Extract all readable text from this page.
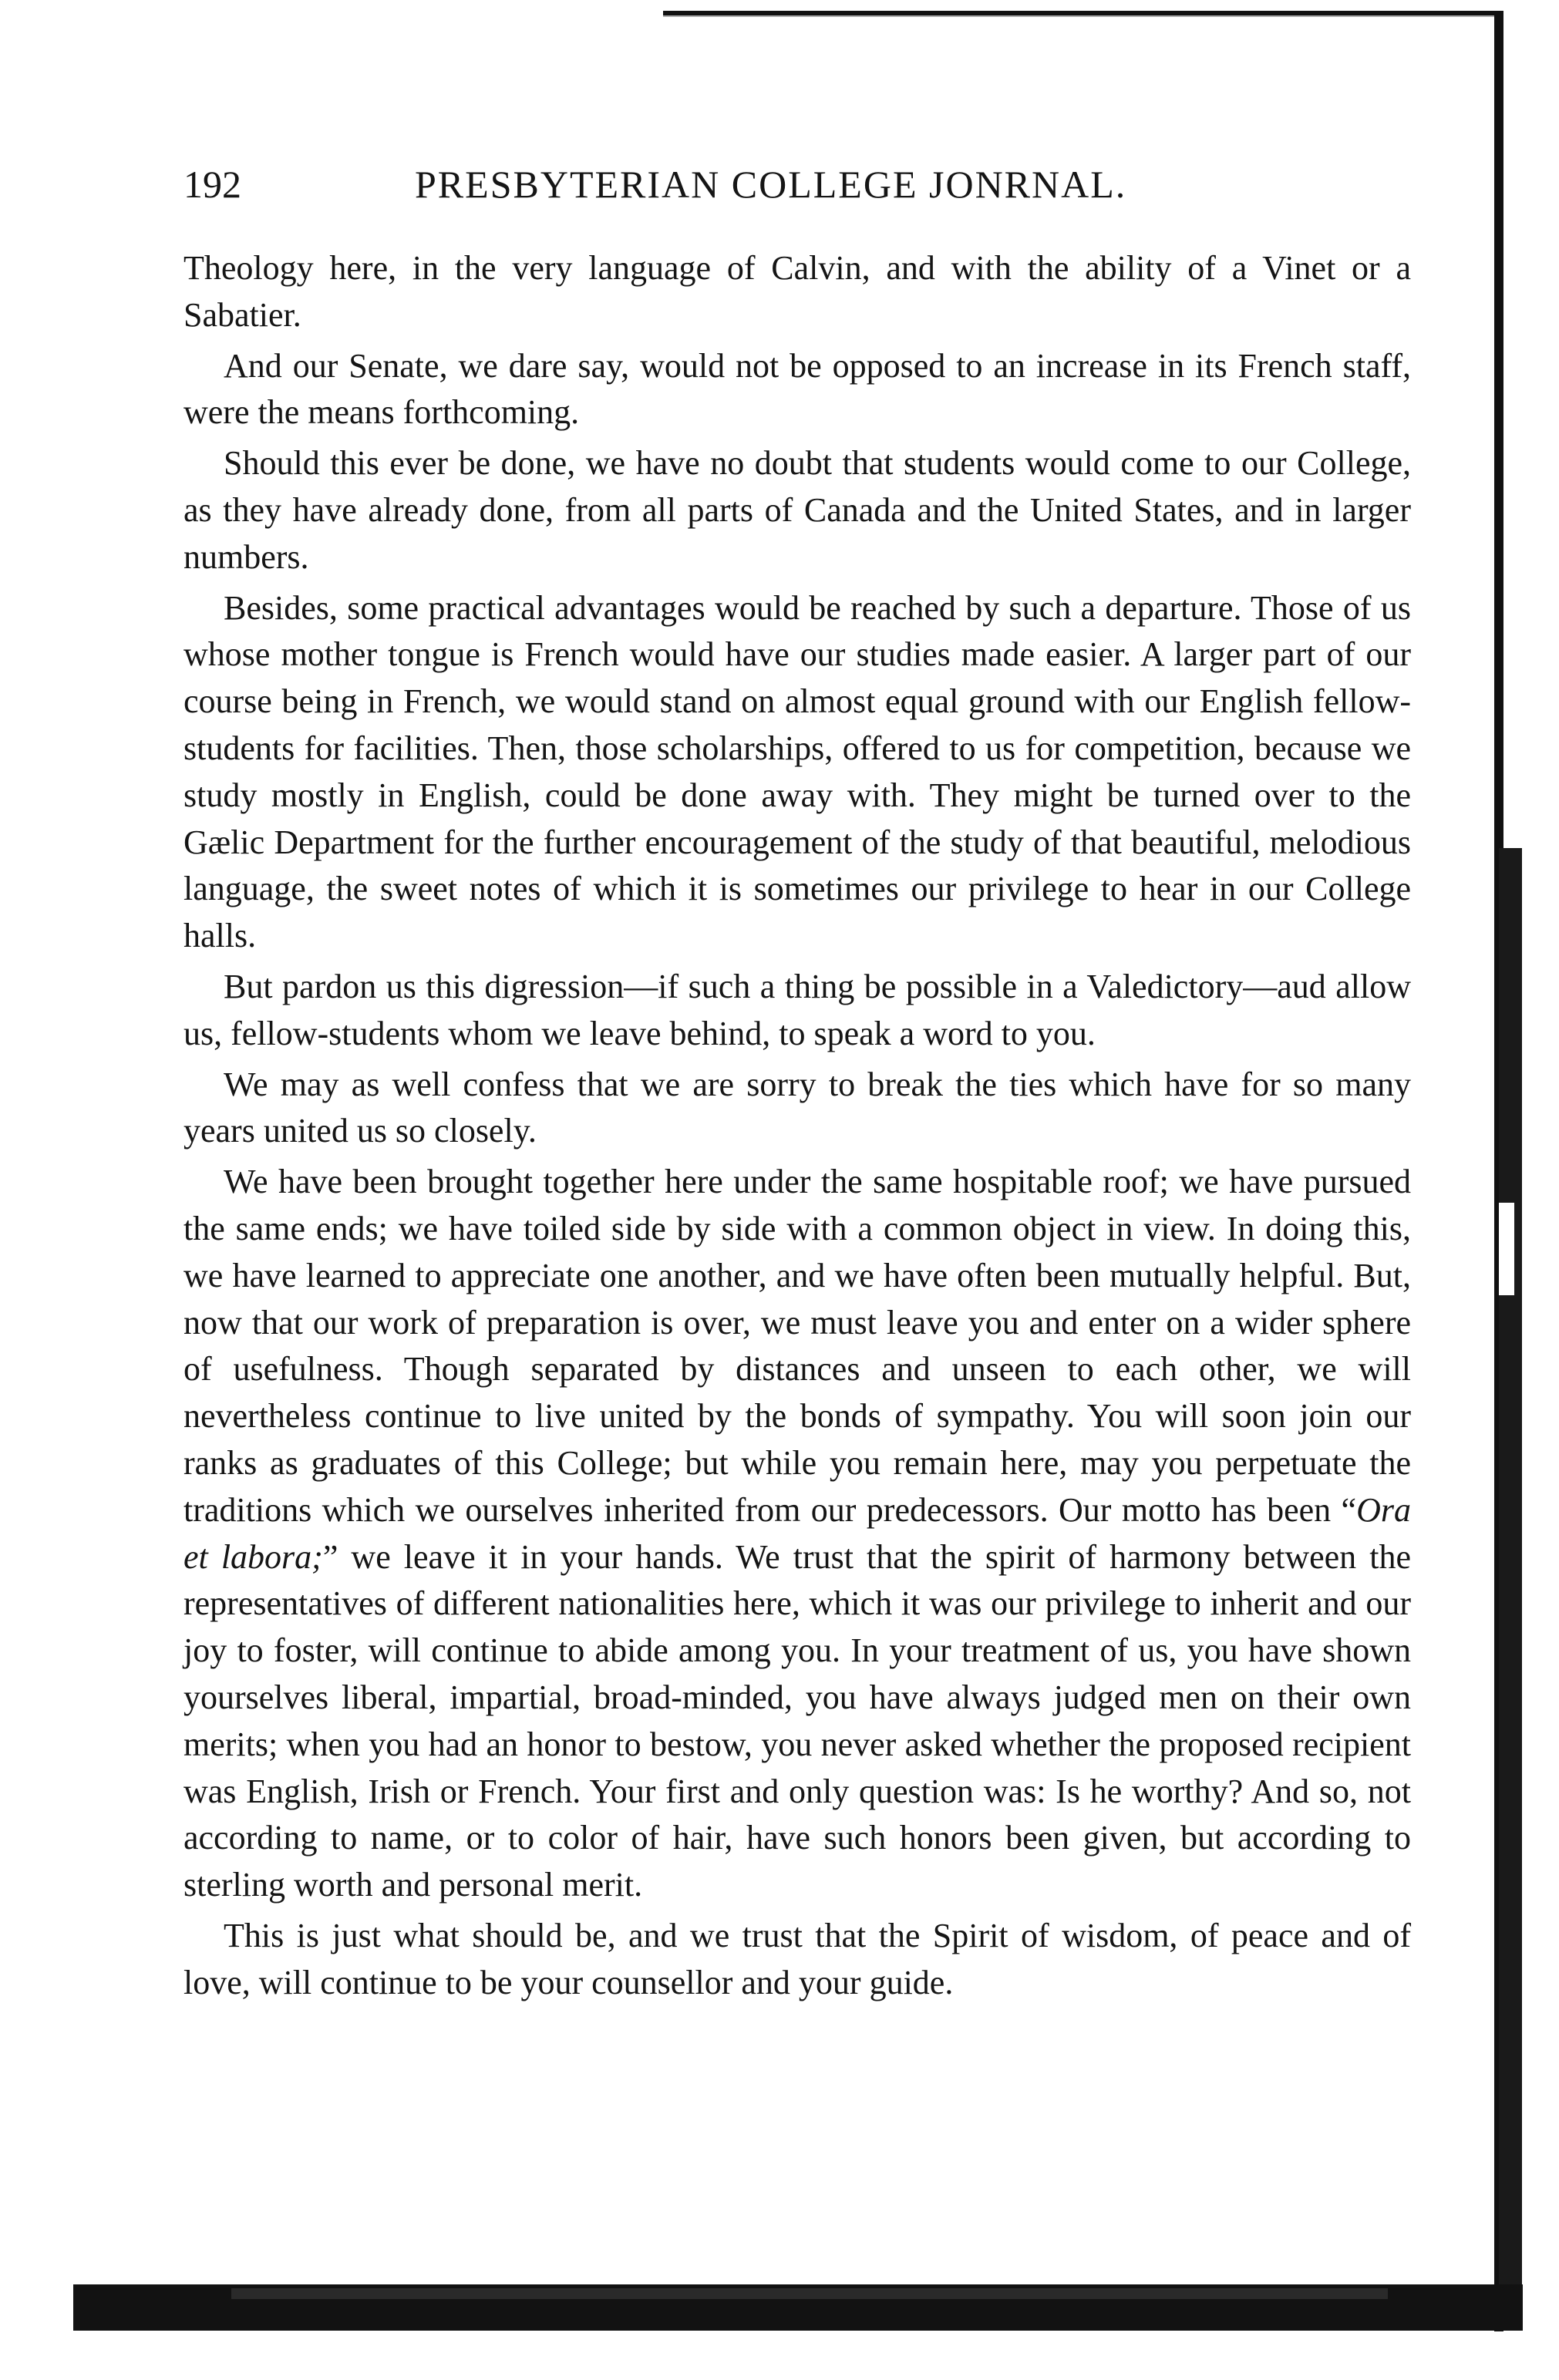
192	PRESBYTERIAN COLLEGE JONRNAL.

Theology here, in the very language of Calvin, and with the ability of a Vinet or a Sabatier.

And our Senate, we dare say, would not be opposed to an increase in its French staff, were the means forthcoming.

Should this ever be done, we have no doubt that students would come to our College, as they have already done, from all parts of Canada and the United States, and in larger numbers.

Besides, some practical advantages would be reached by such a departure. Those of us whose mother tongue is French would have our studies made easier. A larger part of our course being in French, we would stand on almost equal ground with our English fellow-students for facilities. Then, those scholarships, offered to us for competition, because we study mostly in English, could be done away with. They might be turned over to the Gælic Department for the further encouragement of the study of that beautiful, melodious language, the sweet notes of which it is sometimes our privilege to hear in our College halls.

But pardon us this digression—if such a thing be possible in a Valedictory—aud allow us, fellow-students whom we leave behind, to speak a word to you.

We may as well confess that we are sorry to break the ties which have for so many years united us so closely.

We have been brought together here under the same hospitable roof; we have pursued the same ends; we have toiled side by side with a common object in view. In doing this, we have learned to appreciate one another, and we have often been mutually helpful. But, now that our work of preparation is over, we must leave you and enter on a wider sphere of usefulness. Though separated by distances and unseen to each other, we will nevertheless continue to live united by the bonds of sympathy. You will soon join our ranks as graduates of this College; but while you remain here, may you perpetuate the traditions which we ourselves inherited from our predecessors. Our motto has been “Ora et labora;” we leave it in your hands. We trust that the spirit of harmony between the representatives of different nationalities here, which it was our privilege to inherit and our joy to foster, will continue to abide among you. In your treatment of us, you have shown yourselves liberal, impartial, broad-minded, you have always judged men on their own merits; when you had an honor to bestow, you never asked whether the proposed recipient was English, Irish or French. Your first and only question was: Is he worthy? And so, not according to name, or to color of hair, have such honors been given, but according to sterling worth and personal merit.

This is just what should be, and we trust that the Spirit of wisdom, of peace and of love, will continue to be your counsellor and your guide.
